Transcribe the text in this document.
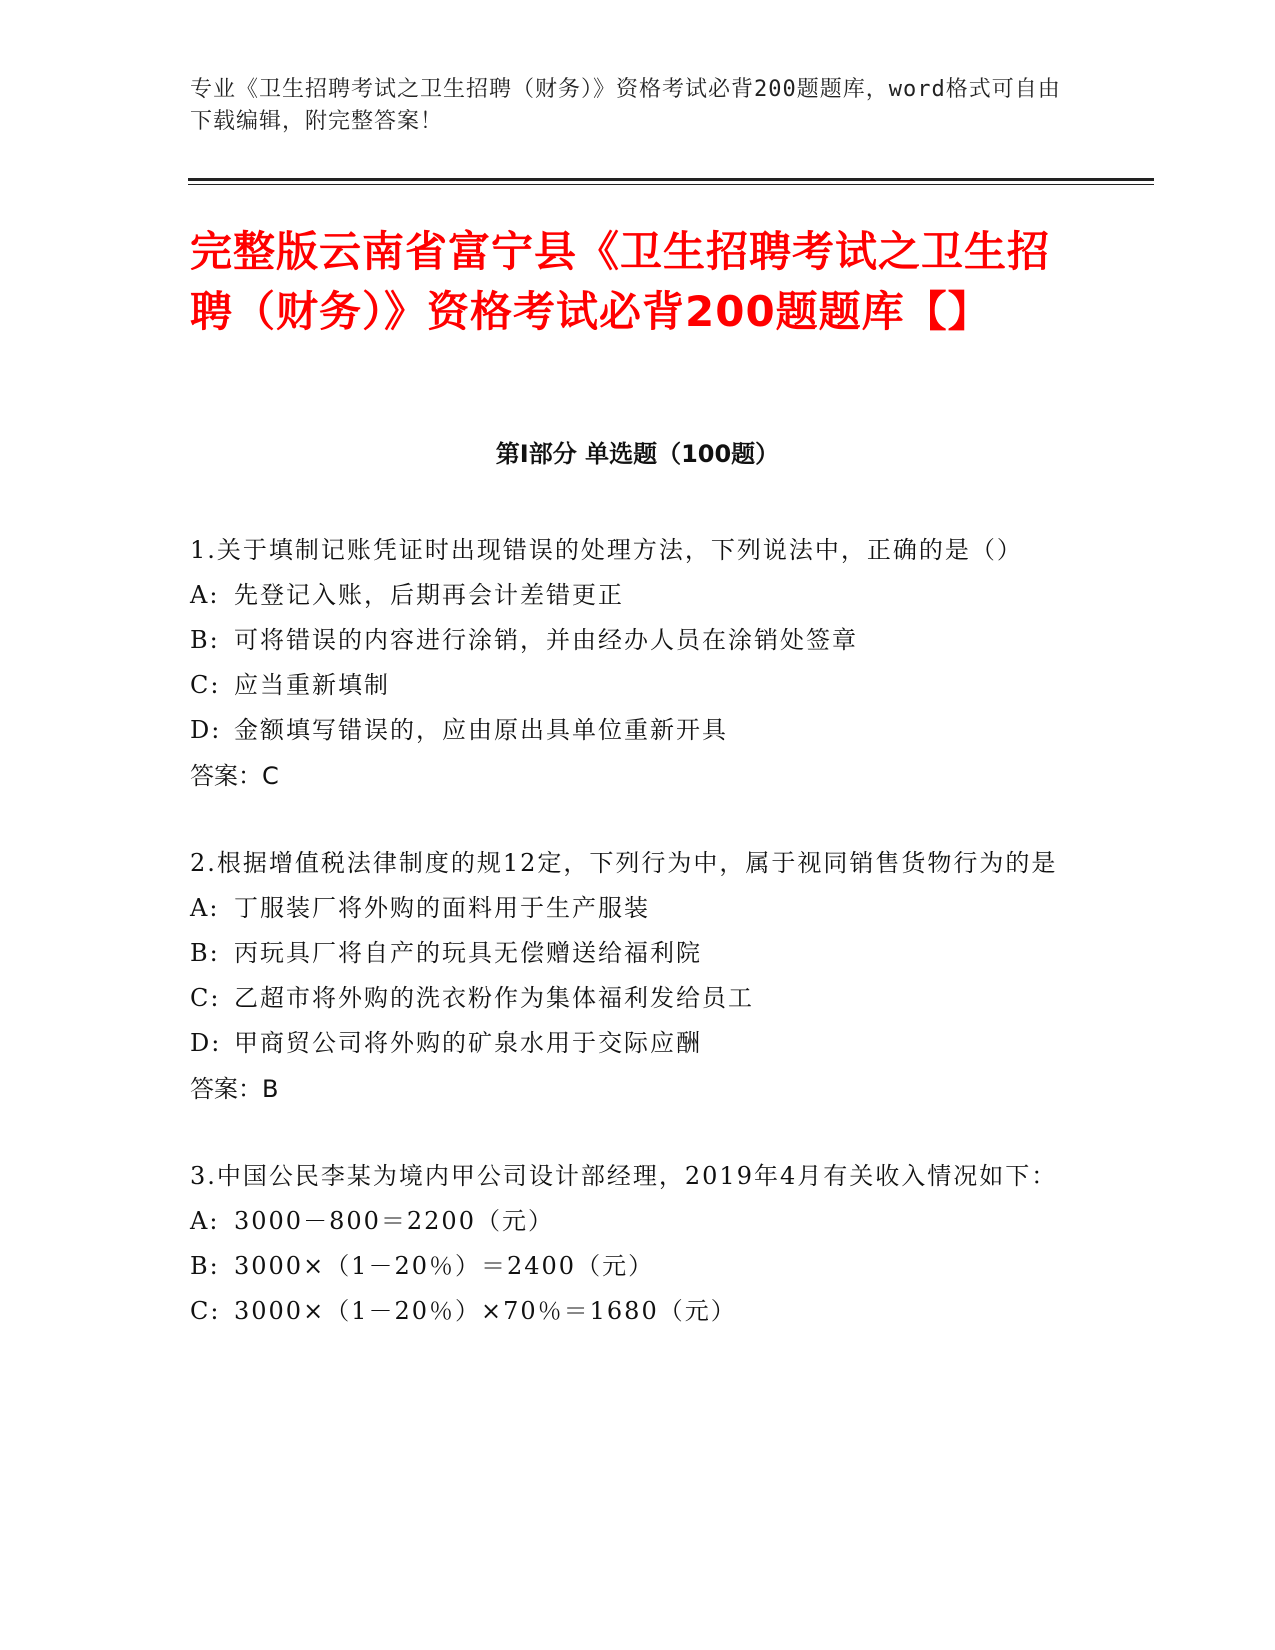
专业《卫生招聘考试之卫生招聘（财务）》资格考试必背200题题库，word格式可自由下载编辑，附完整答案！
完整版云南省富宁县《卫生招聘考试之卫生招聘（财务）》资格考试必背200题题库【】
第Ⅰ部分 单选题（100题）
1.关于填制记账凭证时出现错误的处理方法，下列说法中，正确的是（）
A: 先登记入账，后期再会计差错更正
B: 可将错误的内容进行涂销，并由经办人员在涂销处签章
C: 应当重新填制
D: 金额填写错误的，应由原出具单位重新开具
答案：C
2.根据增值税法律制度的规12定，下列行为中，属于视同销售货物行为的是
A: 丁服装厂将外购的面料用于生产服装
B: 丙玩具厂将自产的玩具无偿赠送给福利院
C: 乙超市将外购的洗衣粉作为集体福利发给员工
D: 甲商贸公司将外购的矿泉水用于交际应酬
答案：B
3.中国公民李某为境内甲公司设计部经理，2019年4月有关收入情况如下：
A: 3000－800＝2200（元）
B: 3000×（1－20％）＝2400（元）
C: 3000×（1－20％）×70％＝1680（元）
